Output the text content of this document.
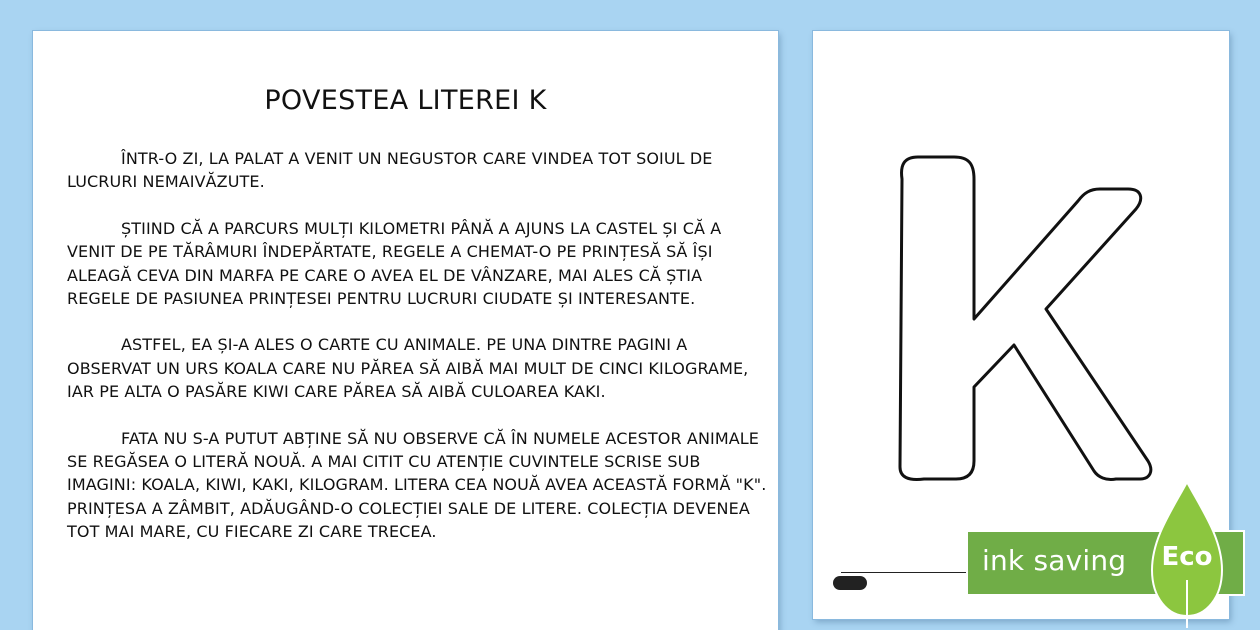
POVESTEA LITEREI K

ÎNTR-O ZI, LA PALAT A VENIT UN NEGUSTOR CARE VINDEA TOT SOIUL DE LUCRURI NEMAIVĂZUTE.

ȘTIIND CĂ A PARCURS MULȚI KILOMETRI PÂNĂ A AJUNS LA CASTEL ȘI CĂ A VENIT DE PE TĂRÂMURI ÎNDEPĂRTATE, REGELE A CHEMAT-O PE PRINȚESĂ SĂ ÎȘI ALEAGĂ CEVA DIN MARFA PE CARE O AVEA EL DE VÂNZARE, MAI ALES CĂ ȘTIA REGELE DE PASIUNEA PRINȚESEI PENTRU LUCRURI CIUDATE ȘI INTERESANTE.

ASTFEL, EA ȘI-A ALES O CARTE CU ANIMALE. PE UNA DINTRE PAGINI A OBSERVAT UN URS KOALA CARE NU PĂREA SĂ AIBĂ MAI MULT DE CINCI KILOGRAME, IAR PE ALTA O PASĂRE KIWI CARE PĂREA SĂ AIBĂ CULOAREA KAKI.

FATA NU S-A PUTUT ABȚINE SĂ NU OBSERVE CĂ ÎN NUMELE ACESTOR ANIMALE SE REGĂSEA O LITERĂ NOUĂ. A MAI CITIT CU ATENȚIE CUVINTELE SCRISE SUB IMAGINI: KOALA, KIWI, KAKI, KILOGRAM. LITERA CEA NOUĂ AVEA ACEASTĂ FORMĂ "K". PRINȚESA A ZÂMBIT, ADĂUGÂND-O COLECȚIEI SALE DE LITERE. COLECȚIA DEVENEA TOT MAI MARE, CU FIECARE ZI CARE TRECEA.

ink saving	Eco
